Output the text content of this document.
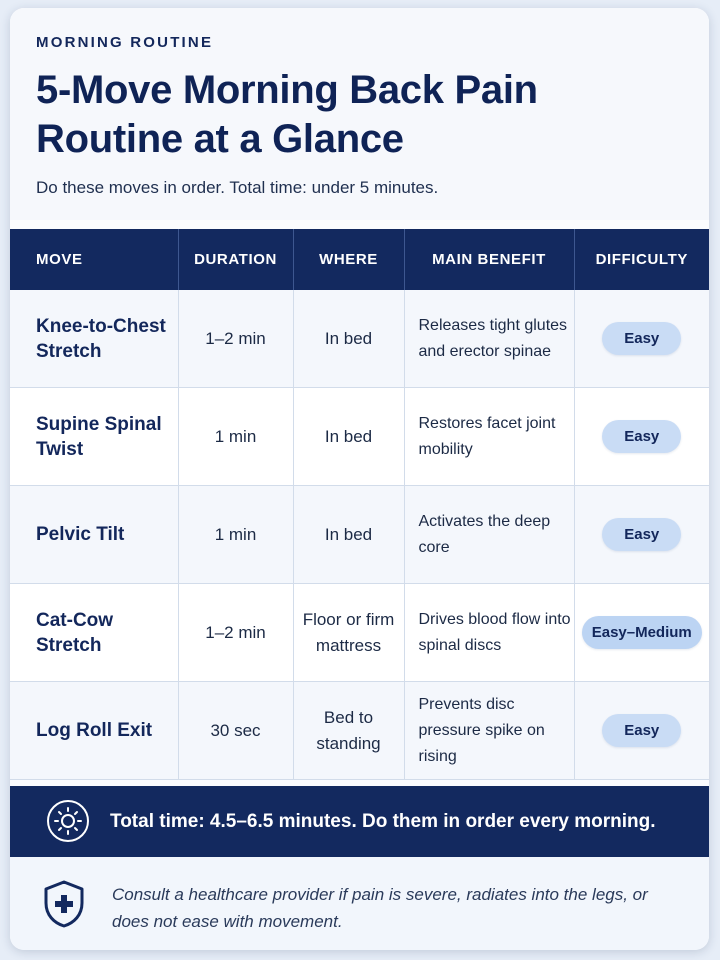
MORNING ROUTINE
5-Move Morning Back Pain Routine at a Glance
Do these moves in order. Total time: under 5 minutes.
MOVE	DURATION	WHERE	MAIN BENEFIT	DIFFICULTY
Knee-to-Chest Stretch	1–2 min	In bed	Releases tight glutes and erector spinae	Easy
Supine Spinal Twist	1 min	In bed	Restores facet joint mobility	Easy
Pelvic Tilt	1 min	In bed	Activates the deep core	Easy
Cat-Cow Stretch	1–2 min	Floor or firm mattress	Drives blood flow into spinal discs	Easy–Medium
Log Roll Exit	30 sec	Bed to standing	Prevents disc pressure spike on rising	Easy
Total time: 4.5–6.5 minutes. Do them in order every morning.
Consult a healthcare provider if pain is severe, radiates into the legs, or does not ease with movement.
